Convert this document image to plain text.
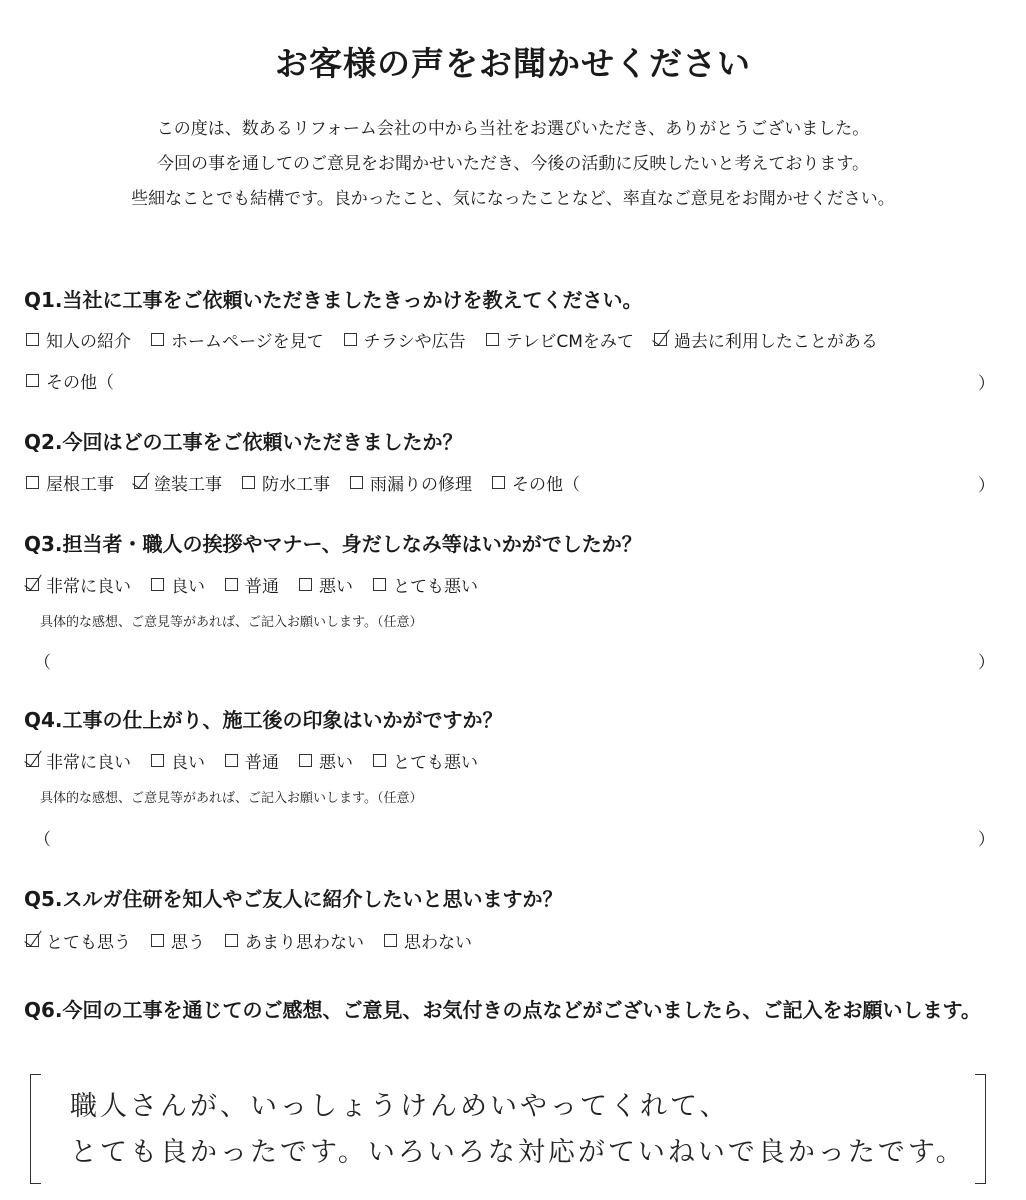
お客様の声をお聞かせください
この度は、数あるリフォーム会社の中から当社をお選びいただき、ありがとうございました。
今回の事を通してのご意見をお聞かせいただき、今後の活動に反映したいと考えております。
些細なことでも結構です。良かったこと、気になったことなど、率直なご意見をお聞かせください。
Q1.当社に工事をご依頼いただきましたきっかけを教えてください。
知人の紹介 ホームページを見て チラシや広告 テレビCMをみて 過去に利用したことがある
その他（	）
Q2.今回はどの工事をご依頼いただきましたか？
屋根工事 塗装工事 防水工事 雨漏りの修理 その他（	）
Q3.担当者・職人の挨拶やマナー、身だしなみ等はいかがでしたか？
非常に良い 良い 普通 悪い とても悪い
具体的な感想、ご意見等があれば、ご記入お願いします。（任意）
（	）
Q4.工事の仕上がり、施工後の印象はいかがですか？
非常に良い 良い 普通 悪い とても悪い
具体的な感想、ご意見等があれば、ご記入お願いします。（任意）
（	）
Q5.スルガ住研を知人やご友人に紹介したいと思いますか？
とても思う 思う あまり思わない 思わない
Q6.今回の工事を通じてのご感想、ご意見、お気付きの点などがございましたら、ご記入をお願いします。
職人さんが、いっしょうけんめいやってくれて、
とても良かったです。いろいろな対応がていねいで良かったです。
